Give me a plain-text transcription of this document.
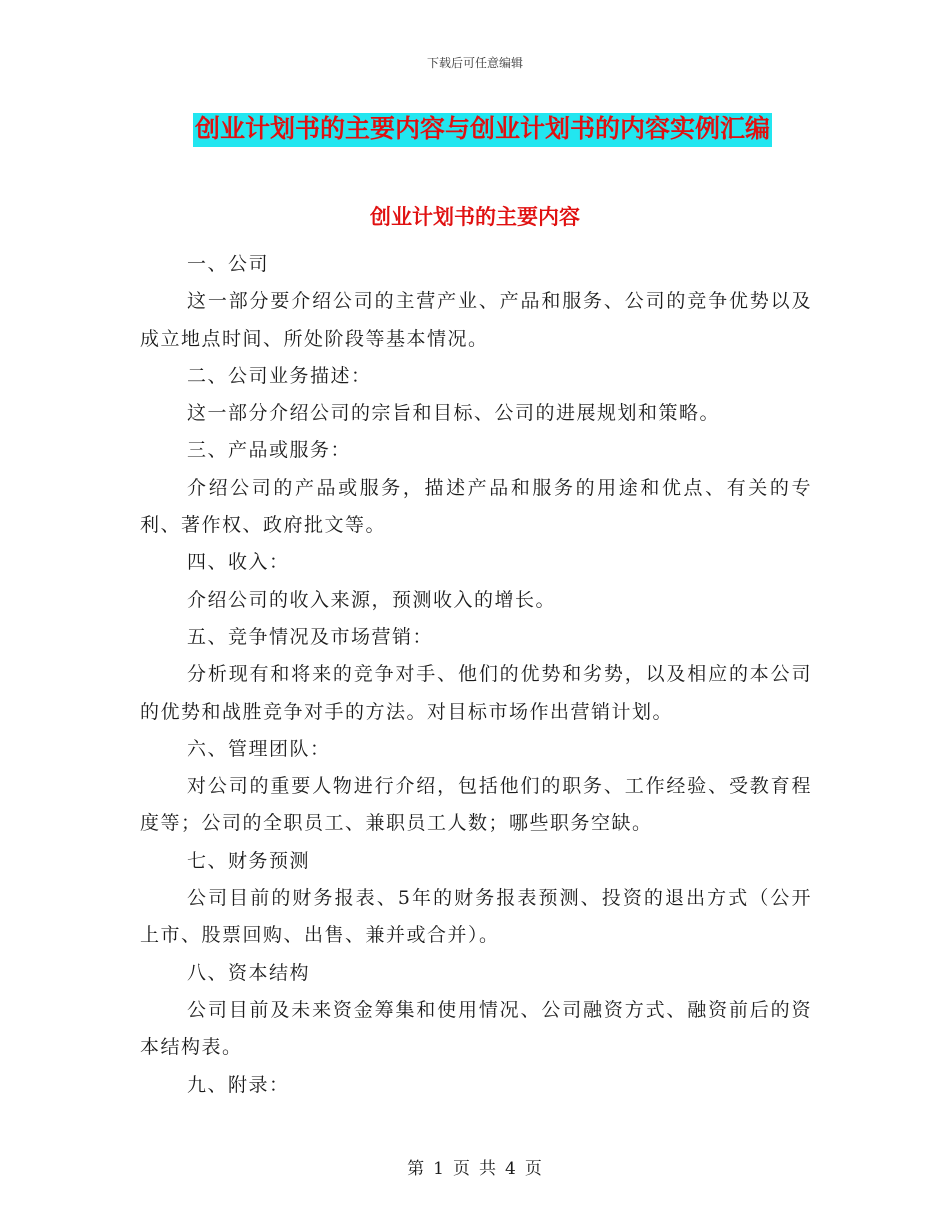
下载后可任意编辑
创业计划书的主要内容与创业计划书的内容实例汇编
创业计划书的主要内容

一、公司

这一部分要介绍公司的主营产业、产品和服务、公司的竞争优势以及成立地点时间、所处阶段等基本情况。

二、公司业务描述：

这一部分介绍公司的宗旨和目标、公司的进展规划和策略。

三、产品或服务：

介绍公司的产品或服务，描述产品和服务的用途和优点、有关的专利、著作权、政府批文等。

四、收入：

介绍公司的收入来源，预测收入的增长。

五、竞争情况及市场营销：

分析现有和将来的竞争对手、他们的优势和劣势，以及相应的本公司的优势和战胜竞争对手的方法。对目标市场作出营销计划。

六、管理团队：

对公司的重要人物进行介绍，包括他们的职务、工作经验、受教育程度等；公司的全职员工、兼职员工人数；哪些职务空缺。

七、财务预测

公司目前的财务报表、5年的财务报表预测、投资的退出方式（公开上市、股票回购、出售、兼并或合并）。

八、资本结构

公司目前及未来资金筹集和使用情况、公司融资方式、融资前后的资本结构表。

九、附录：

第 1 页 共 4 页
